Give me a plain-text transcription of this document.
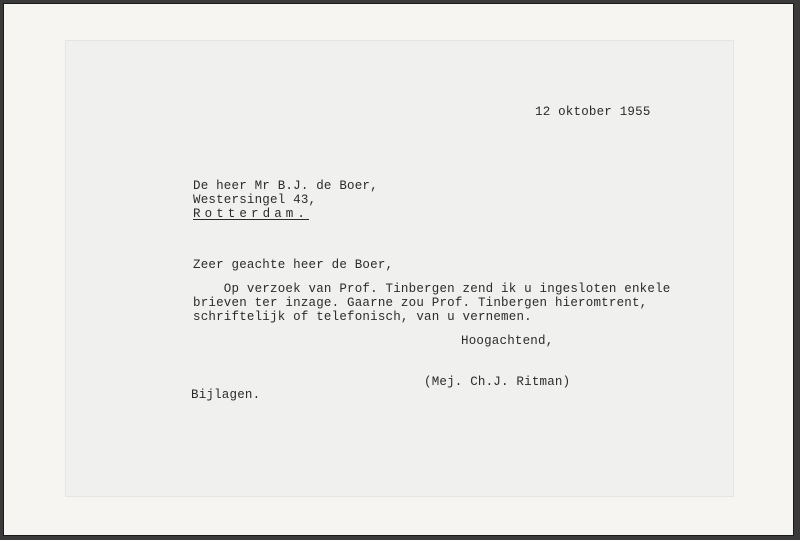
12 oktober 1955
De heer Mr B.J. de Boer,
Westersingel 43,
Rotterdam.
Zeer geachte heer de Boer,
Op verzoek van Prof. Tinbergen zend ik u ingesloten enkele
brieven ter inzage. Gaarne zou Prof. Tinbergen hieromtrent,
schriftelijk of telefonisch, van u vernemen.
Hoogachtend,
(Mej. Ch.J. Ritman)
Bijlagen.
